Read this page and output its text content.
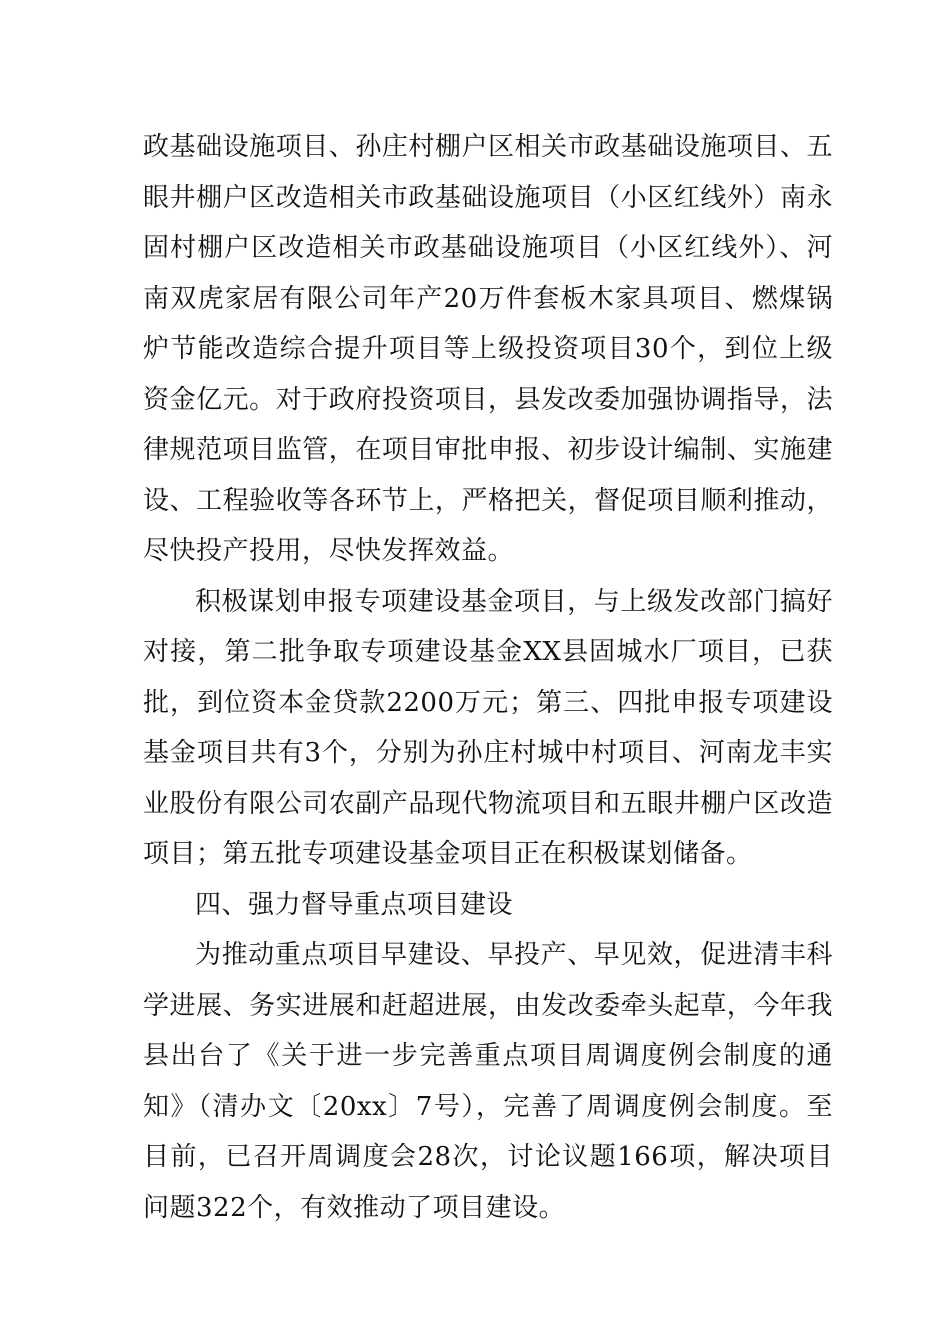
政基础设施项目、孙庄村棚户区相关市政基础设施项目、五眼井棚户区改造相关市政基础设施项目（小区红线外）南永固村棚户区改造相关市政基础设施项目（小区红线外）、河南双虎家居有限公司年产20万件套板木家具项目、燃煤锅炉节能改造综合提升项目等上级投资项目30个，到位上级资金亿元。对于政府投资项目，县发改委加强协调指导，法律规范项目监管，在项目审批申报、初步设计编制、实施建设、工程验收等各环节上，严格把关，督促项目顺利推动，尽快投产投用，尽快发挥效益。

积极谋划申报专项建设基金项目，与上级发改部门搞好对接，第二批争取专项建设基金XX县固城水厂项目，已获批，到位资本金贷款2200万元；第三、四批申报专项建设基金项目共有3个，分别为孙庄村城中村项目、河南龙丰实业股份有限公司农副产品现代物流项目和五眼井棚户区改造项目；第五批专项建设基金项目正在积极谋划储备。

四、强力督导重点项目建设

为推动重点项目早建设、早投产、早见效，促进清丰科学进展、务实进展和赶超进展，由发改委牵头起草，今年我县出台了《关于进一步完善重点项目周调度例会制度的通知》（清办文〔20xx〕7号），完善了周调度例会制度。至目前，已召开周调度会28次，讨论议题166项，解决项目问题322个，有效推动了项目建设。
